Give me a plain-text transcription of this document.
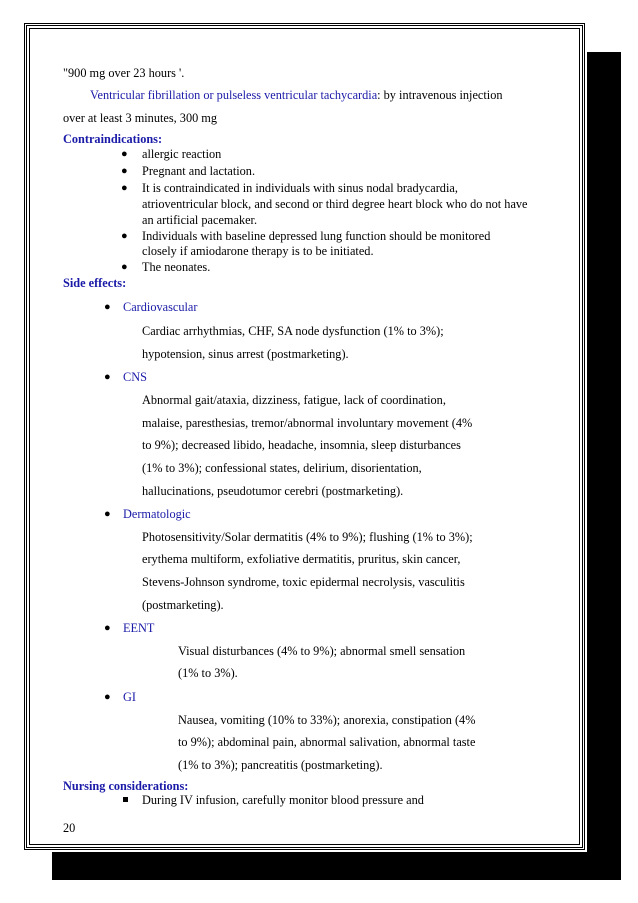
"900 mg over 23 hours '.
Ventricular fibrillation or pulseless ventricular tachycardia: by intravenous injection
over at least 3 minutes, 300 mg
Contraindications:
● allergic reaction
● Pregnant and lactation.
● It is contraindicated in individuals with sinus nodal bradycardia,
atrioventricular block, and second or third degree heart block who do not have
an artificial pacemaker.
● Individuals with baseline depressed lung function should be monitored
closely if amiodarone therapy is to be initiated.
● The neonates.
Side effects:
● Cardiovascular
Cardiac arrhythmias, CHF, SA node dysfunction (1% to 3%);
hypotension, sinus arrest (postmarketing).
● CNS
Abnormal gait/ataxia, dizziness, fatigue, lack of coordination,
malaise, paresthesias, tremor/abnormal involuntary movement (4%
to 9%); decreased libido, headache, insomnia, sleep disturbances
(1% to 3%); confessional states, delirium, disorientation,
hallucinations, pseudotumor cerebri (postmarketing).
● Dermatologic
Photosensitivity/Solar dermatitis (4% to 9%); flushing (1% to 3%);
erythema multiform, exfoliative dermatitis, pruritus, skin cancer,
Stevens-Johnson syndrome, toxic epidermal necrolysis, vasculitis
(postmarketing).
● EENT
Visual disturbances (4% to 9%); abnormal smell sensation
(1% to 3%).
● GI
Nausea, vomiting (10% to 33%); anorexia, constipation (4%
to 9%); abdominal pain, abnormal salivation, abnormal taste
(1% to 3%); pancreatitis (postmarketing).
Nursing considerations:
During IV infusion, carefully monitor blood pressure and
20
